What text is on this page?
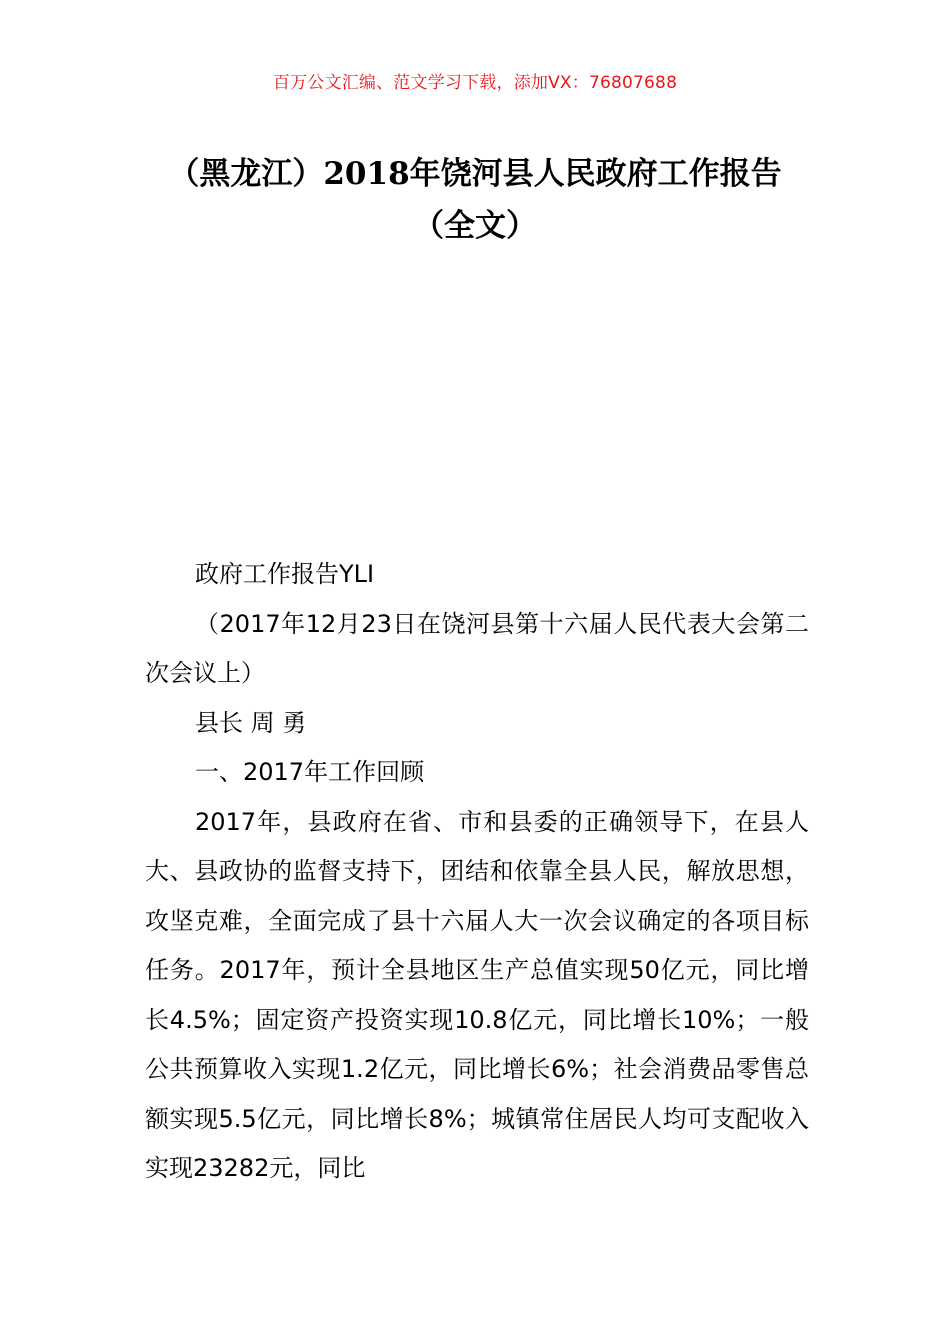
百万公文汇编、范文学习下载，添加VX：76807688
（黑龙江）2018年饶河县人民政府工作报告（全文）

政府工作报告YLI

（2017年12月23日在饶河县第十六届人民代表大会第二次会议上）

县长 周 勇

一、2017年工作回顾

2017年，县政府在省、市和县委的正确领导下，在县人大、县政协的监督支持下，团结和依靠全县人民，解放思想，攻坚克难，全面完成了县十六届人大一次会议确定的各项目标任务。2017年，预计全县地区生产总值实现50亿元，同比增长4.5%；固定资产投资实现10.8亿元，同比增长10%；一般公共预算收入实现1.2亿元，同比增长6%；社会消费品零售总额实现5.5亿元，同比增长8%；城镇常住居民人均可支配收入实现23282元，同比
